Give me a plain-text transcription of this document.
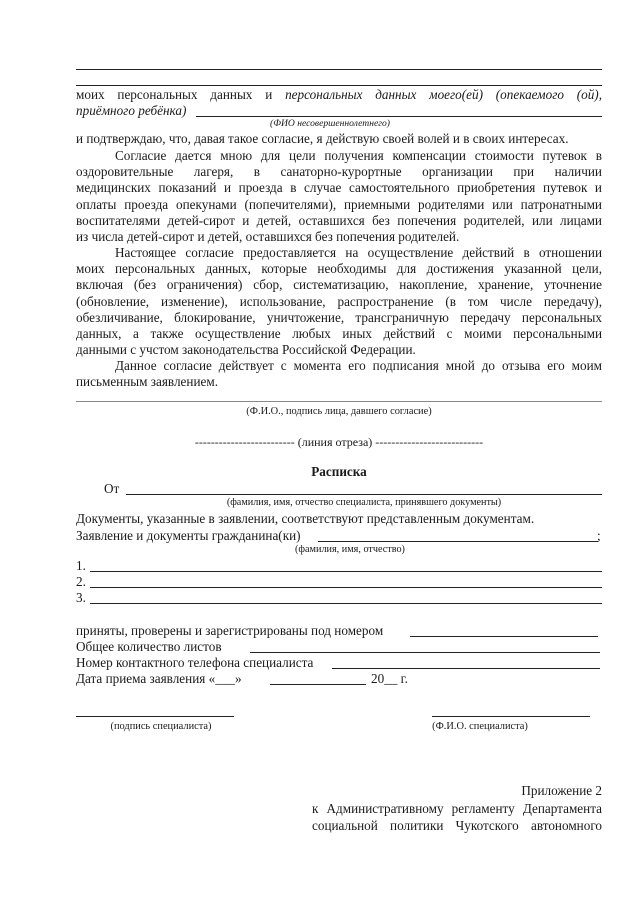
моих персональных данных и персональных данных моего(ей) (опекаемого (ой),
приёмного ребёнка)
(ФИО несовершеннолетнего)
и подтверждаю, что, давая такое согласие, я действую своей волей и в своих интересах.
Согласие дается мною для цели получения компенсации стоимости путевок в
оздоровительные лагеря, в санаторно-курортные организации при наличии
медицинских показаний и проезда в случае самостоятельного приобретения путевок и
оплаты проезда опекунами (попечителями), приемными родителями или патронатными
воспитателями детей-сирот и детей, оставшихся без попечения родителей, или лицами
из числа детей-сирот и детей, оставшихся без попечения родителей.
Настоящее согласие предоставляется на осуществление действий в отношении
моих персональных данных, которые необходимы для достижения указанной цели,
включая (без ограничения) сбор, систематизацию, накопление, хранение, уточнение
(обновление, изменение), использование, распространение (в том числе передачу),
обезличивание, блокирование, уничтожение, трансграничную передачу персональных
данных, а также осуществление любых иных действий с моими персональными
данными с учстом законодательства Российской Федерации.
Данное согласие действует с момента его подписания мной до отзыва его моим
письменным заявлением.
(Ф.И.О., подпись лица, давшего согласие)
------------------------- (линия отреза) ---------------------------
Расписка
От
(фамилия, имя, отчество специалиста, принявшего документы)
Документы, указанные в заявлении, соответствуют представленным документам.
Заявление и документы гражданина(ки)	;
(фамилия, имя, отчество)
1.
2.
3.
приняты, проверены и зарегистрированы под номером
Общее количество листов
Номер контактного телефона специалиста
Дата приема заявления «___»	20__ г.
(подпись специалиста)	(Ф.И.О. специалиста)
Приложение 2
к Административному регламенту Департамента
социальной политики Чукотского автономного
